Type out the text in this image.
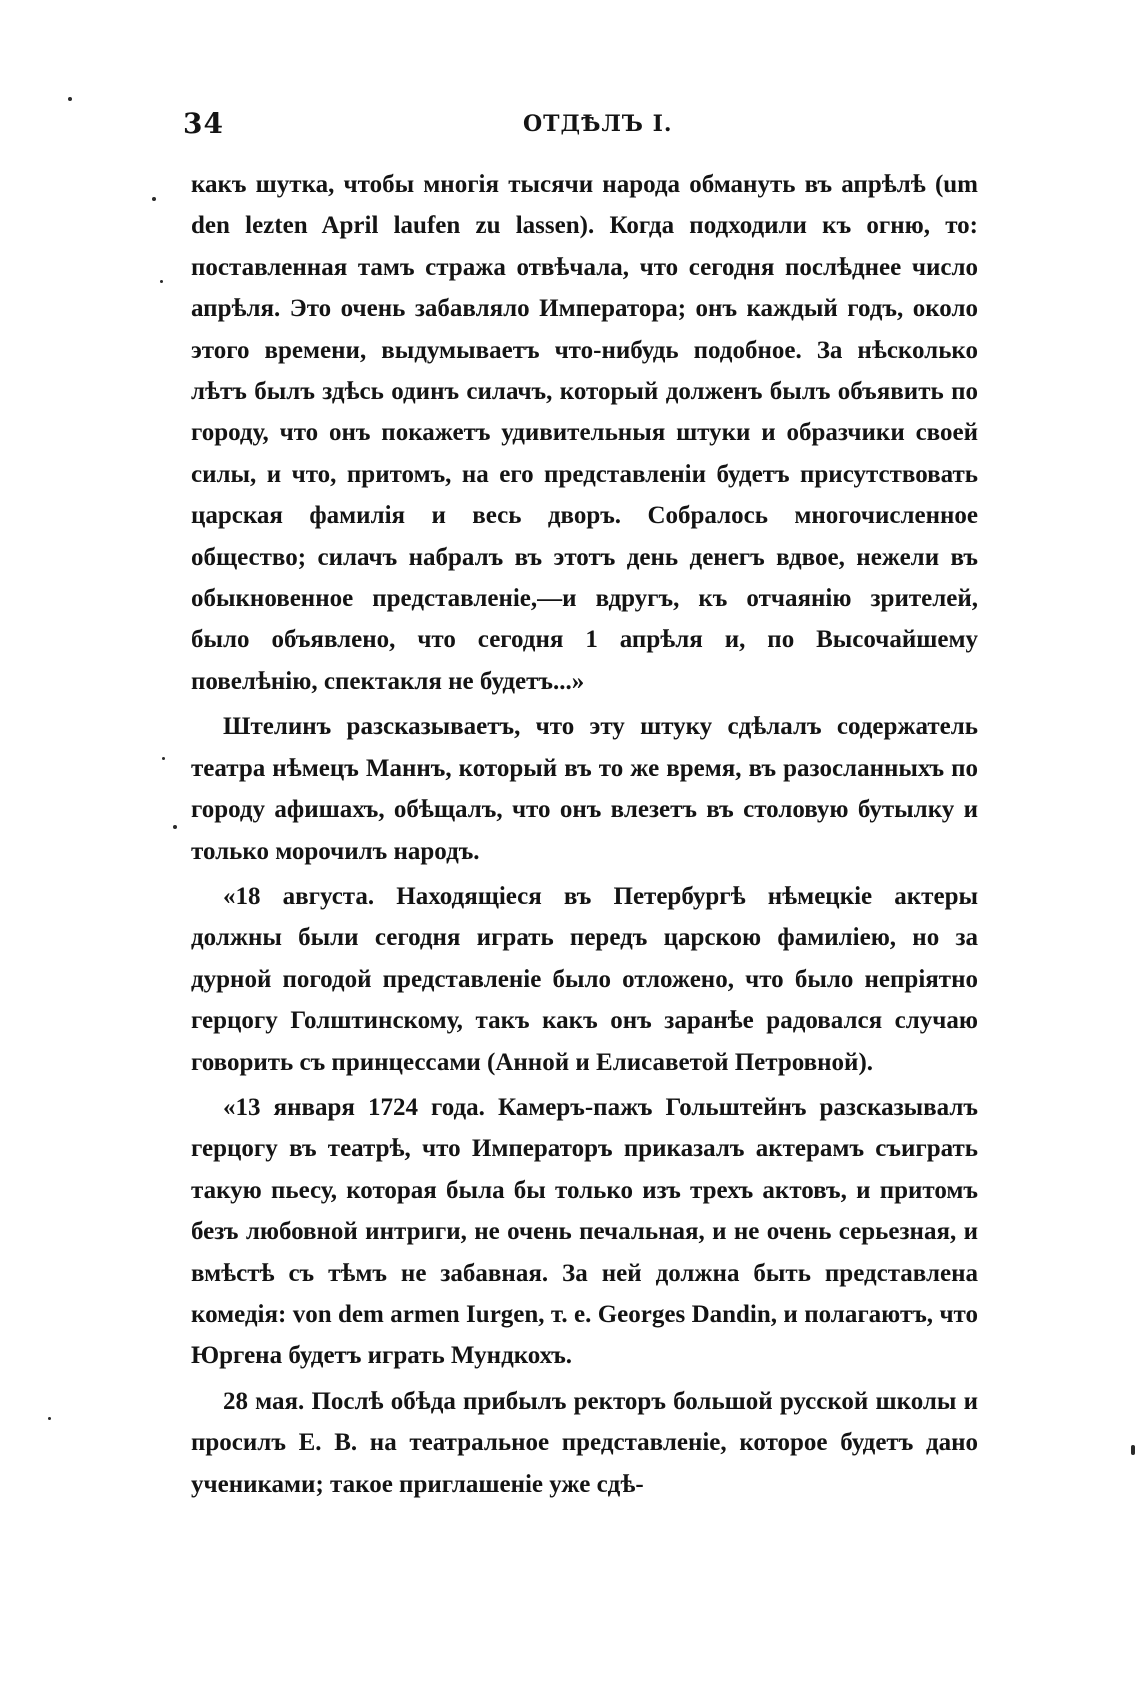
34	ОТДѢЛЪ I.

какъ шутка, чтобы многія тысячи народа обмануть въ апрѣлѣ (um den lezten April laufen zu lassen). Когда подходили къ огню, то: поставленная тамъ стража отвѣчала, что сегодня послѣднее число апрѣля. Это очень забавляло Императора; онъ каждый годъ, около этого времени, выдумываетъ что-нибудь подобное. За нѣсколько лѣтъ былъ здѣсь одинъ силачъ, который долженъ былъ объявить по городу, что онъ покажетъ удивительныя штуки и образчики своей силы, и что, притомъ, на его представленіи будетъ присутствовать царская фамилія и весь дворъ. Собралось многочисленное общество; силачъ набралъ въ этотъ день денегъ вдвое, нежели въ обыкновенное представленіе,—и вдругъ, къ отчаянію зрителей, было объявлено, что сегодня 1 апрѣля и, по Высочайшему повелѣнію, спектакля не будетъ...»

Штелинъ разсказываетъ, что эту штуку сдѣлалъ содержатель театра нѣмецъ Маннъ, который въ то же время, въ разосланныхъ по городу афишахъ, обѣщалъ, что онъ влезетъ въ столовую бутылку и только морочилъ народъ.

«18 августа. Находящіеся въ Петербургѣ нѣмецкіе актеры должны были сегодня играть передъ царскою фамиліею, но за дурной погодой представленіе было отложено, что было непріятно герцогу Голштинскому, такъ какъ онъ заранѣе радовался случаю говорить съ принцессами (Анной и Елисаветой Петровной).

«13 января 1724 года. Камеръ-пажъ Гольштейнъ разсказывалъ герцогу въ театрѣ, что Императоръ приказалъ актерамъ съиграть такую пьесу, которая была бы только изъ трехъ актовъ, и притомъ безъ любовной интриги, не очень печальная, и не очень серьезная, и вмѣстѣ съ тѣмъ не забавная. За ней должна быть представлена комедія: von dem armen Iurgen, т. е. Georges Dandin, и полагаютъ, что Юргена будетъ играть Мундкохъ.

28 мая. Послѣ обѣда прибылъ ректоръ большой русской школы и просилъ Е. В. на театральное представленіе, которое будетъ дано учениками; такое приглашеніе уже сдѣ-
